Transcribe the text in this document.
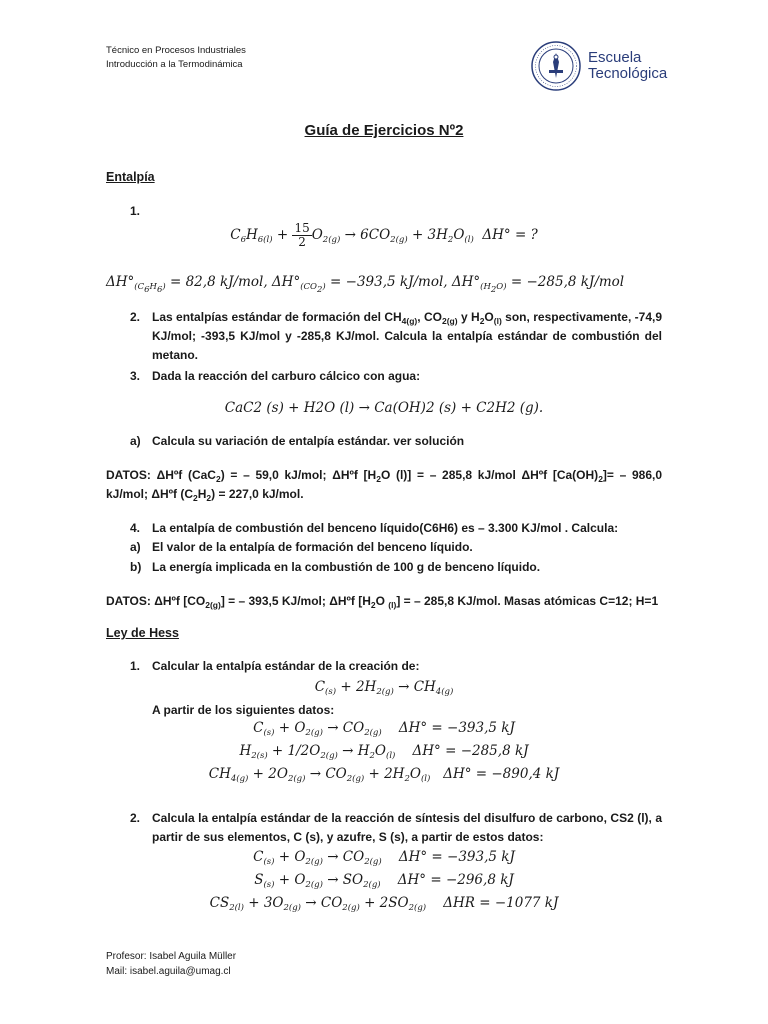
Técnico en Procesos Industriales
Introducción a la Termodinámica	Escuela
Tecnológica
Guía de Ejercicios Nº2
Entalpía
1.
$C_6H_{6(l)} + \frac{15}{2} O_{2(g)} \to 6CO_{2(g)} + 3H_2O_{(l)}$ ΔH° = ?
$\Delta H^\circ_{(C_6H_6)} = 82,8$ kJ/mol, $\Delta H^\circ_{(CO_2)} = -393,5$ kJ/mol, $\Delta H^\circ_{(H_2O)} = -285,8$ kJ/mol
2. Las entalpías estándar de formación del $CH_{4(g)}$, $CO_{2(g)}$ y $H_2O_{(l)}$ son, respectivamente, -74,9 KJ/mol; -393,5 KJ/mol y -285,8 KJ/mol. Calcula la entalpía estándar de combustión del metano.
3. Dada la reacción del carburo cálcico con agua:
CaC2 (s) + H2O (l) → Ca(OH)2 (s) + C2H2 (g).
a) Calcula su variación de entalpía estándar. ver solución
DATOS: ΔHºf (CaC$_2$) = – 59,0 kJ/mol; ΔHºf [$H_2O$ (l)] = – 285,8 kJ/mol ΔHºf $[Ca(OH)_2]= - 986,0$ kJ/mol; ΔHºf $(C_2H_2) = 227,0$ kJ/mol.
4. La entalpía de combustión del benceno líquido(C6H6) es – 3.300 KJ/mol . Calcula:
a) El valor de la entalpía de formación del benceno líquido.
b) La energía implicada en la combustión de 100 g de benceno líquido.
DATOS: ΔHºf $[CO_{2(g)}]$ = – 393,5 KJ/mol; ΔHºf [$H_2O$ $_{(l)}$] = – 285,8 KJ/mol. Masas atómicas C=12; H=1
Ley de Hess
1. Calcular la entalpía estándar de la creación de:
$C_{(s)} + 2H_{2(g)} \to CH_{4(g)}$
A partir de los siguientes datos:
$C_{(s)} + O_{2(g)} \to CO_{2(g)}$ ΔH° = −393,5 kJ
$H_{2(s)} + 1/2O_{2(g)} \to H_2O_{(l)}$ ΔH° = −285,8 kJ
$CH_{4(g)} + 2O_{2(g)} \to CO_{2(g)} + 2H_2O_{(l)}$ ΔH° = −890,4 kJ
2. Calcula la entalpía estándar de la reacción de síntesis del disulfuro de carbono, CS2 (l), a partir de sus elementos, C (s), y azufre, S (s), a partir de estos datos:
$C_{(s)} + O_{2(g)} \to CO_{2(g)}$ ΔH° = −393,5 kJ
$S_{(s)} + O_{2(g)} \to SO_{2(g)}$ ΔH° = −296,8 kJ
$CS_{2(l)} + 3O_{2(g)} \to CO_{2(g)} + 2SO_{2(g)}$ ΔHR = −1077 kJ
Profesor: Isabel Aguila Müller
Mail: isabel.aguila@umag.cl
